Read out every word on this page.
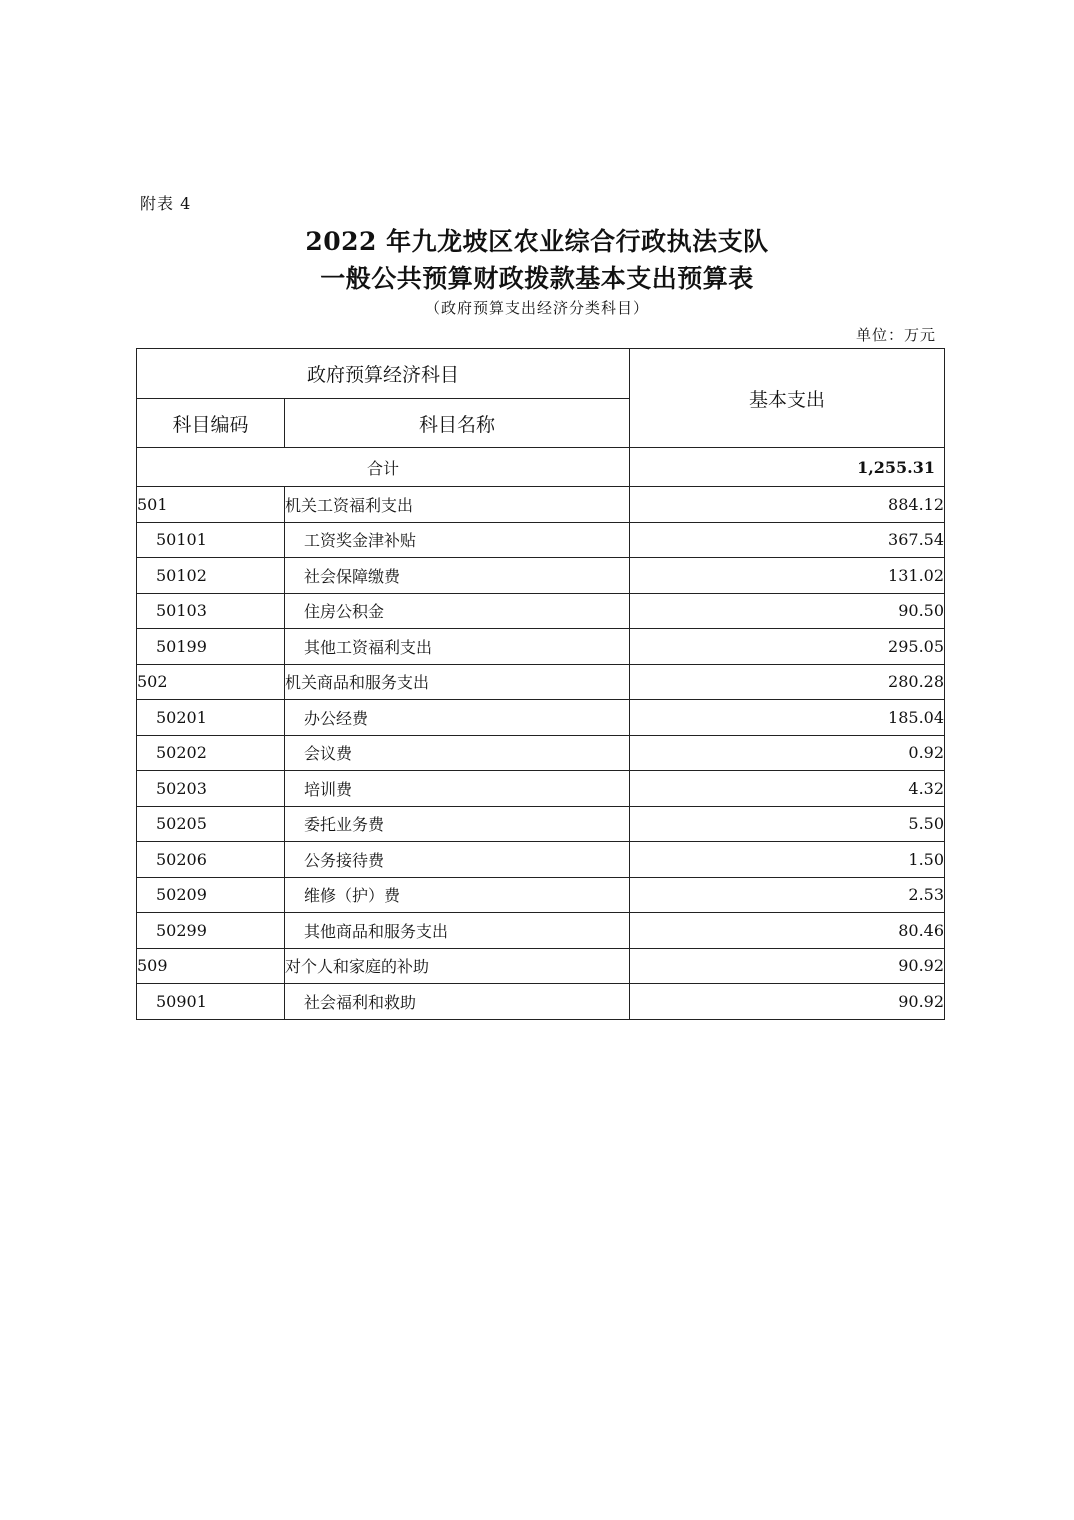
附表 4
2022 年九龙坡区农业综合行政执法支队
一般公共预算财政拨款基本支出预算表
（政府预算支出经济分类科目）
单位：万元
政府预算经济科目		基本支出
科目编码	科目名称	
合计		1,255.31
501	机关工资福利支出	884.12
50101	工资奖金津补贴	367.54
50102	社会保障缴费	131.02
50103	住房公积金	90.50
50199	其他工资福利支出	295.05
502	机关商品和服务支出	280.28
50201	办公经费	185.04
50202	会议费	0.92
50203	培训费	4.32
50205	委托业务费	5.50
50206	公务接待费	1.50
50209	维修（护）费	2.53
50299	其他商品和服务支出	80.46
509	对个人和家庭的补助	90.92
50901	社会福利和救助	90.92
